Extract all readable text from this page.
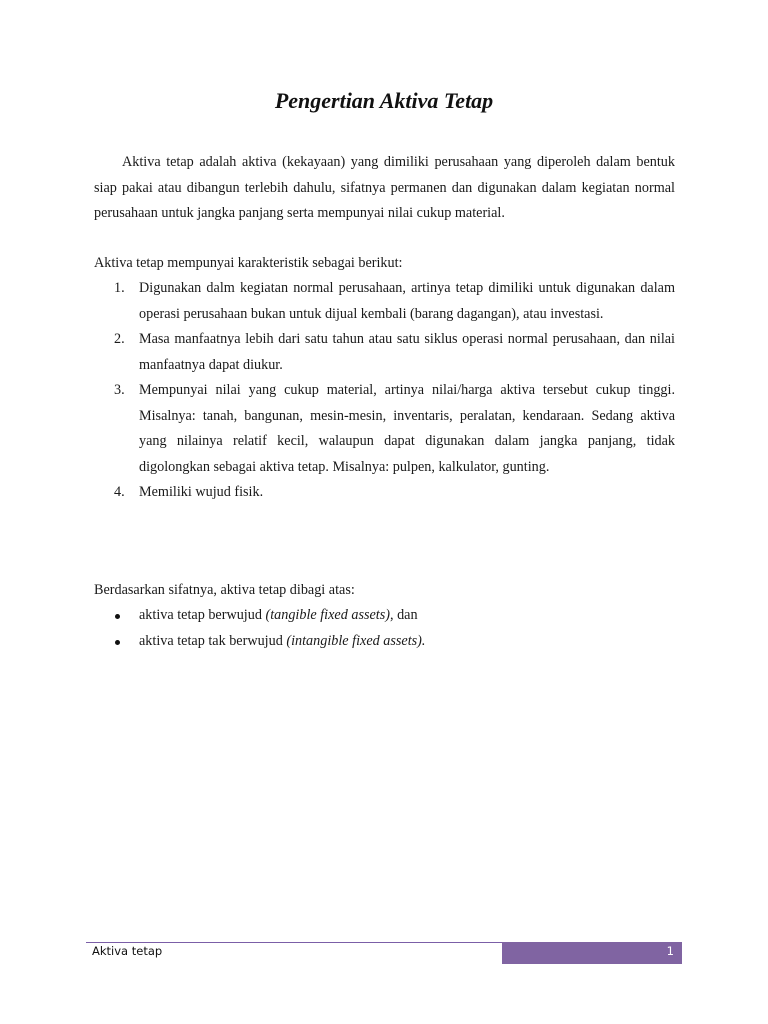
Pengertian Aktiva Tetap

Aktiva tetap adalah aktiva (kekayaan) yang dimiliki perusahaan yang diperoleh dalam bentuk siap pakai atau dibangun terlebih dahulu, sifatnya permanen dan digunakan dalam kegiatan normal perusahaan untuk jangka panjang serta mempunyai nilai cukup material.

Aktiva tetap mempunyai karakteristik sebagai berikut:

1. Digunakan dalm kegiatan normal perusahaan, artinya tetap dimiliki untuk digunakan dalam operasi perusahaan bukan untuk dijual kembali (barang dagangan), atau investasi.
2. Masa manfaatnya lebih dari satu tahun atau satu siklus operasi normal perusahaan, dan nilai manfaatnya dapat diukur.
3. Mempunyai nilai yang cukup material, artinya nilai/harga aktiva tersebut cukup tinggi. Misalnya: tanah, bangunan, mesin-mesin, inventaris, peralatan, kendaraan. Sedang aktiva yang nilainya relatif kecil, walaupun dapat digunakan dalam jangka panjang, tidak digolongkan sebagai aktiva tetap. Misalnya: pulpen, kalkulator, gunting.
4. Memiliki wujud fisik.

Berdasarkan sifatnya, aktiva tetap dibagi atas:

aktiva tetap berwujud (tangible fixed assets), dan
aktiva tetap tak berwujud (intangible fixed assets).
Aktiva tetap	1
